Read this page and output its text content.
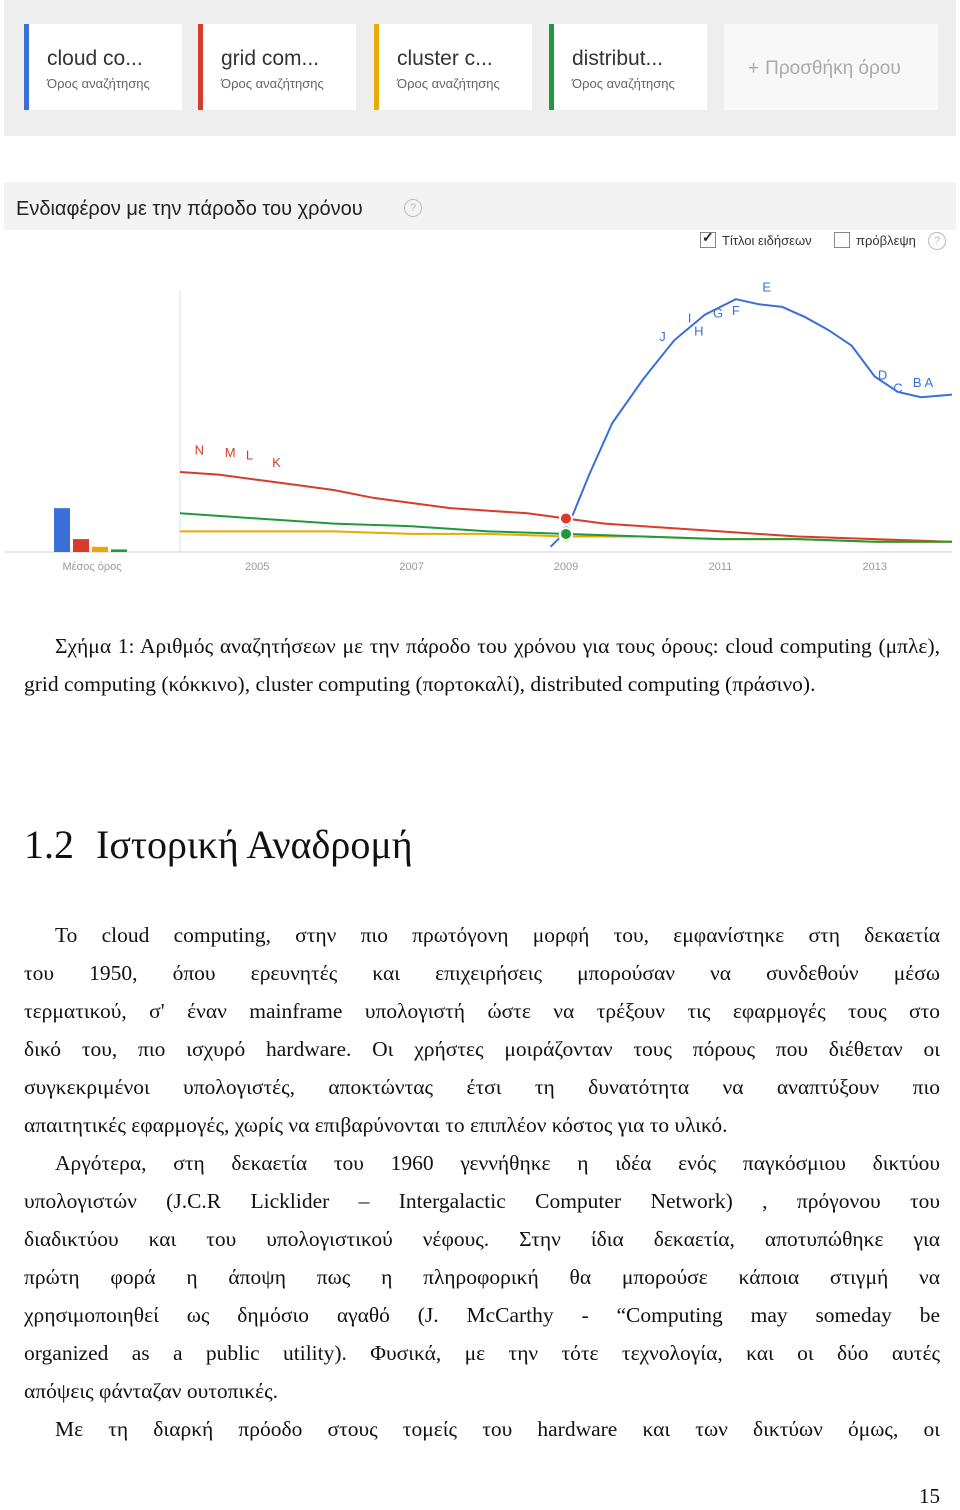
cloud co...
Όρος αναζήτησης
grid com...
Όρος αναζήτησης
cluster c...
Όρος αναζήτησης
distribut...
Όρος αναζήτησης
+ Προσθήκη όρου
Ενδιαφέρον με την πάροδο του χρόνου	?
✓
Τίτλοι ειδήσεων	πρόβλεψη	?
N M L
K
J
I
H
G F
E
D
C B A
Μέσος όρος	2005	2007	2009	2011	2013
Σχήμα 1: Αριθμός αναζητήσεων με την πάροδο του χρόνου για τους όρους: cloud computing (μπλε), grid computing (κόκκινο), cluster computing (πορτοκαλί), distributed computing (πράσινο).
1.2 Ιστορική Αναδρομή

Το cloud computing, στην πιο πρωτόγονη μορφή του, εμφανίστηκε στη δεκαετία

του 1950, όπου ερευνητές και επιχειρήσεις μπορούσαν να συνδεθούν μέσω

τερματικού, σ' έναν mainframe υπολογιστή ώστε να τρέξουν τις εφαρμογές τους στο

δικό του, πιο ισχυρό hardware. Οι χρήστες μοιράζονταν τους πόρους που διέθεταν οι

συγκεκριμένοι υπολογιστές, αποκτώντας έτσι τη δυνατότητα να αναπτύξουν πιο

απαιτητικές εφαρμογές, χωρίς να επιβαρύνονται το επιπλέον κόστος για το υλικό.

Αργότερα, στη δεκαετία του 1960 γεννήθηκε η ιδέα ενός παγκόσμιου δικτύου

υπολογιστών (J.C.R Licklider – Intergalactic Computer Network) , πρόγονου του

διαδικτύου και του υπολογιστικού νέφους. Στην ίδια δεκαετία, αποτυπώθηκε για

πρώτη φορά η άποψη πως η πληροφορική θα μπορούσε κάποια στιγμή να

χρησιμοποιηθεί ως δημόσιο αγαθό (J. McCarthy - “Computing may someday be

organized as a public utility). Φυσικά, με την τότε τεχνολογία, και οι δύο αυτές

απόψεις φάνταζαν ουτοπικές.

Με τη διαρκή πρόοδο στους τομείς του hardware και των δικτύων όμως, οι

15
